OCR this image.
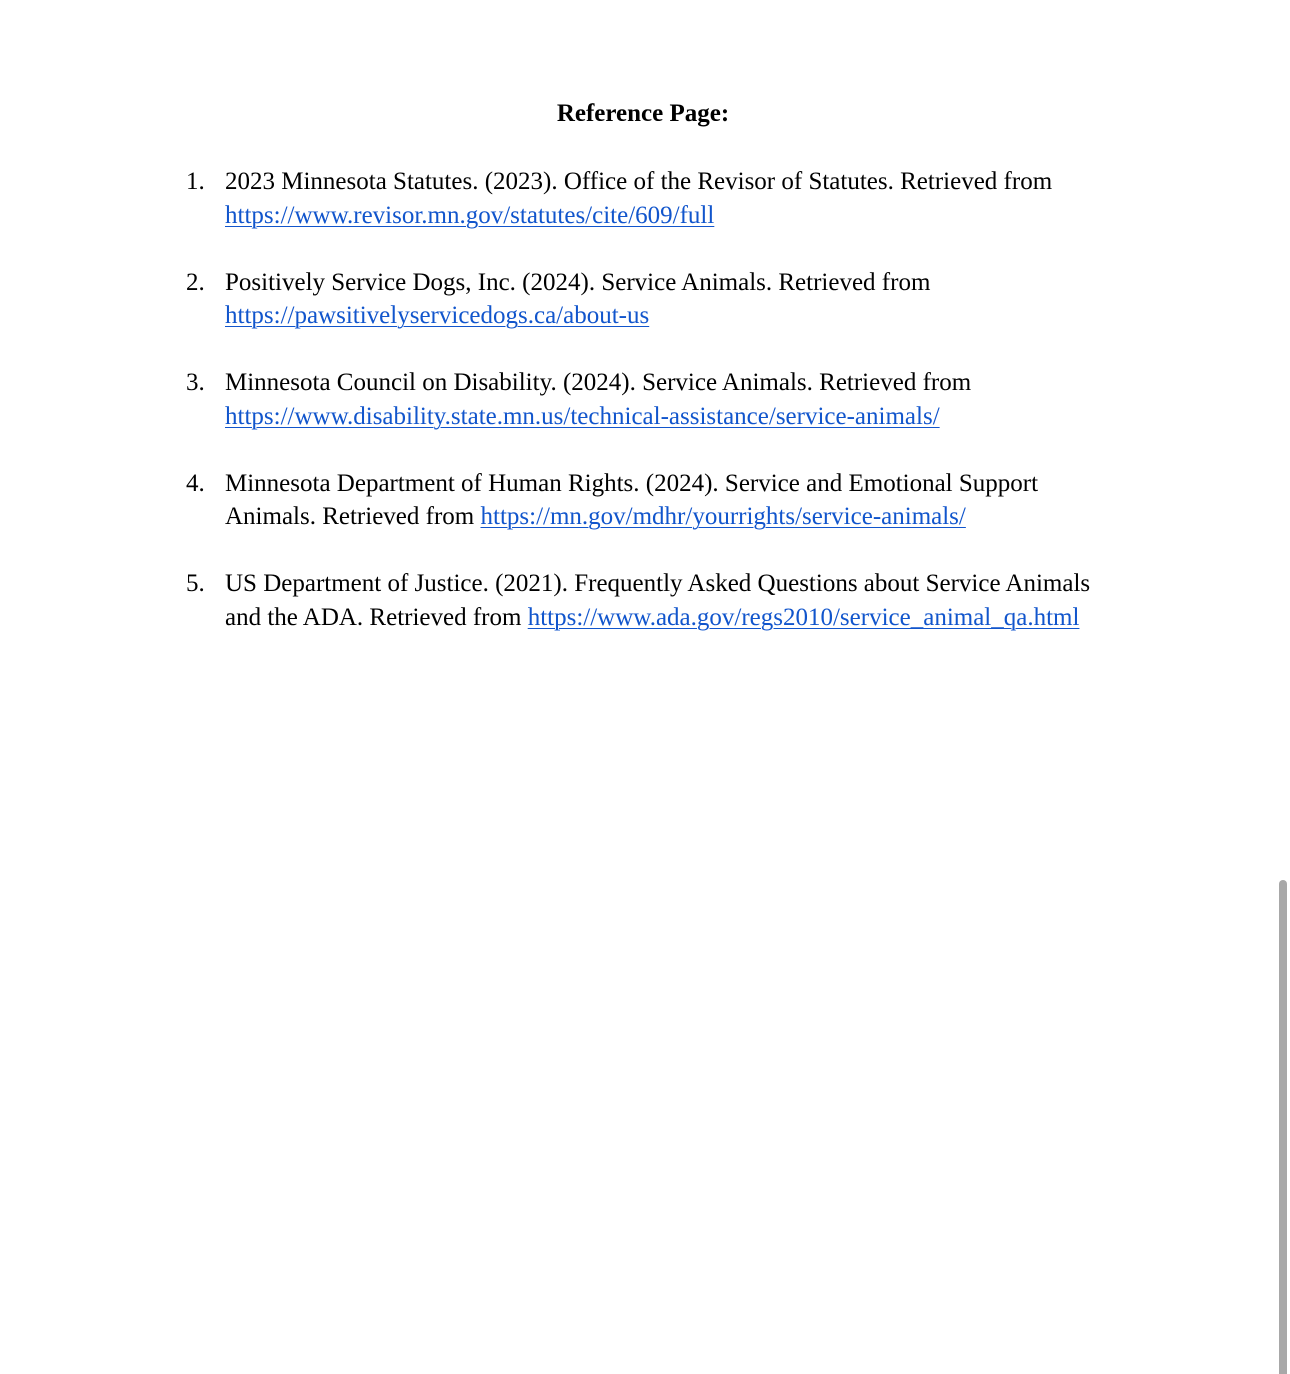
Reference Page:
1. 2023 Minnesota Statutes. (2023). Office of the Revisor of Statutes. Retrieved from
https://www.revisor.mn.gov/statutes/cite/609/full
2. Positively Service Dogs, Inc. (2024). Service Animals. Retrieved from
https://pawsitivelyservicedogs.ca/about-us
3. Minnesota Council on Disability. (2024). Service Animals. Retrieved from
https://www.disability.state.mn.us/technical-assistance/service-animals/
4. Minnesota Department of Human Rights. (2024). Service and Emotional Support Animals. Retrieved from https://mn.gov/mdhr/yourrights/service-animals/
5. US Department of Justice. (2021). Frequently Asked Questions about Service Animals and the ADA. Retrieved from https://www.ada.gov/regs2010/service_animal_qa.html
